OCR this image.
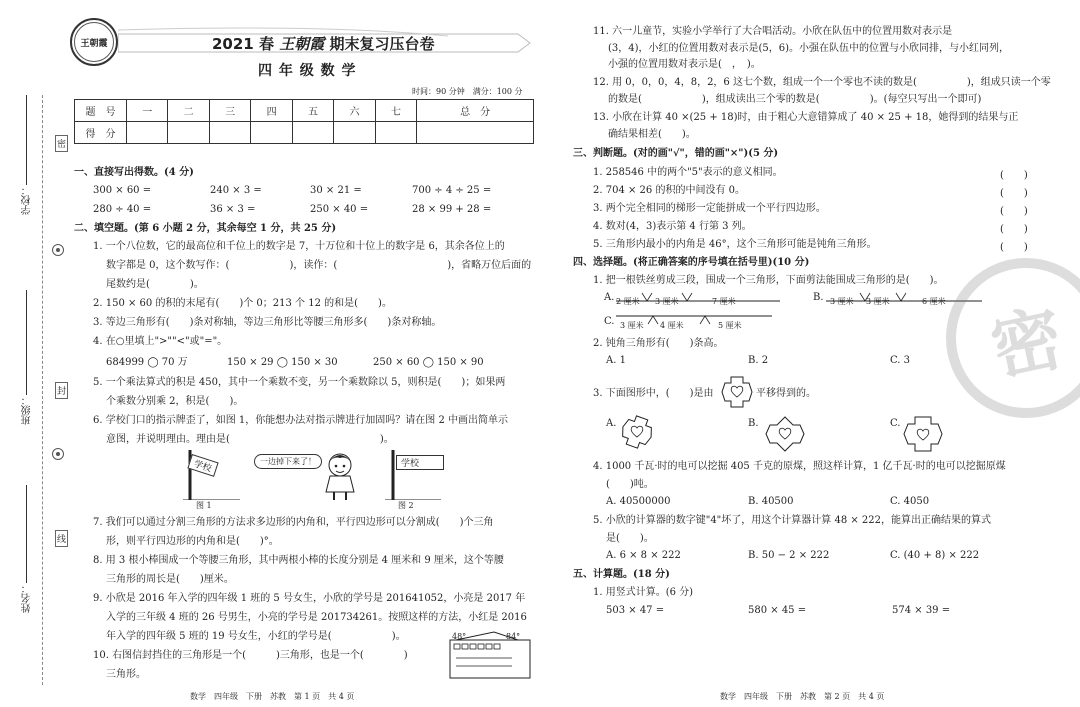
密
封
线
学校：
班级：
姓名：
王朝霞	2021 春 王朝霞 期末复习压台卷
四 年 级 数 学
时间：90 分钟　满分：100 分
题　号	一	二	三	四	五	六	七	总　分
得　分								
一、直接写出得数。(4 分)
300 × 60 =	240 × 3 =	30 × 21 =	700 ÷ 4 ÷ 25 =
280 ÷ 40 =	36 × 3 =	250 × 40 =	28 × 99 + 28 =
二、填空题。(第 6 小题 2 分，其余每空 1 分，共 25 分)
1. 一个八位数，它的最高位和千位上的数字是 7，十万位和十位上的数字是 6，其余各位上的
数字都是 0，这个数写作：(　　　　　　)，读作：(　　　　　　　　　　　)，省略万位后面的
尾数约是(　　　　)。
2. 150 × 60 的积的末尾有(　　)个 0；213 个 12 的和是(　　)。
3. 等边三角形有(　　)条对称轴，等边三角形比等腰三角形多(　　)条对称轴。
4. 在○里填上">""<"或"="。
684999 ◯ 70 万	150 × 29 ◯ 150 × 30	250 × 60 ◯ 150 × 90
5. 一个乘法算式的积是 450，其中一个乘数不变，另一个乘数除以 5，则积是(　　)；如果两
个乘数分别乘 2，积是(　　)。
6. 学校门口的指示牌歪了，如图 1，你能想办法对指示牌进行加固吗？请在图 2 中画出简单示
意图，并说明理由。理由是(　　　　　　　　　　　　　　　)。
学校
图 1
一边掉下来了！	学校
图 2
7. 我们可以通过分割三角形的方法求多边形的内角和，平行四边形可以分割成(　　)个三角
形，则平行四边形的内角和是(　　)°。
8. 用 3 根小棒围成一个等腰三角形，其中两根小棒的长度分别是 4 厘米和 9 厘米，这个等腰
三角形的周长是(　　)厘米。
9. 小欣是 2016 年入学的四年级 1 班的 5 号女生，小欣的学号是 201641052，小亮是 2017 年
入学的三年级 4 班的 26 号男生，小亮的学号是 201734261。按照这样的方法，小红是 2016
年入学的四年级 5 班的 19 号女生，小红的学号是(　　　　　　)。
10. 右图信封挡住的三角形是一个(　　　)三角形，也是一个(　　　　)
三角形。
48°	84°
数学　四年级　下册　苏教　第 1 页　共 4 页
11. 六一儿童节，实验小学举行了大合唱活动。小欣在队伍中的位置用数对表示是
(3，4)，小红的位置用数对表示是(5，6)。小强在队伍中的位置与小欣同排，与小红同列，
小强的位置用数对表示是(　，　)。
12. 用 0，0，0，4，8，2，6 这七个数，组成一个一个零也不读的数是(　　　　　)，组成只读一个零
的数是(　　　　　　)，组成读出三个零的数是(　　　　　)。(每空只写出一个即可)
13. 小欣在计算 40 ×(25 + 18)时，由于粗心大意错算成了 40 × 25 + 18，她得到的结果与正
确结果相差(　　)。
三、判断题。(对的画"√"，错的画"×")(5 分)
1. 258546 中的两个"5"表示的意义相同。	(　　)
2. 704 × 26 的积的中间没有 0。	(　　)
3. 两个完全相同的梯形一定能拼成一个平行四边形。	(　　)
4. 数对(4，3)表示第 4 行第 3 列。	(　　)
5. 三角形内最小的内角是 46°，这个三角形可能是钝角三角形。	(　　)
四、选择题。(将正确答案的序号填在括号里)(10 分)
1. 把一根铁丝剪成三段，围成一个三角形，下面剪法能围成三角形的是(　　)。
A. 2 厘米 3 厘米	7 厘米	B. 3 厘米 3 厘米	6 厘米
C. 3 厘米 4 厘米	5 厘米
2. 钝角三角形有(　　)条高。
A. 1	B. 2	C. 3
3. 下面图形中，(　　)是由	平移得到的。
A.	B.	C.
4. 1000 千瓦·时的电可以挖掘 405 千克的原煤，照这样计算，1 亿千瓦·时的电可以挖掘原煤
(　　)吨。
A. 40500000	B. 40500	C. 4050
5. 小欣的计算器的数字键"4"坏了，用这个计算器计算 48 × 222，能算出正确结果的算式
是(　　)。
A. 6 × 8 × 222	B. 50 − 2 × 222	C. (40 + 8) × 222
五、计算题。(18 分)
1. 用竖式计算。(6 分)
503 × 47 =	580 × 45 =	574 × 39 =
数学　四年级　下册　苏教　第 2 页　共 4 页
密
